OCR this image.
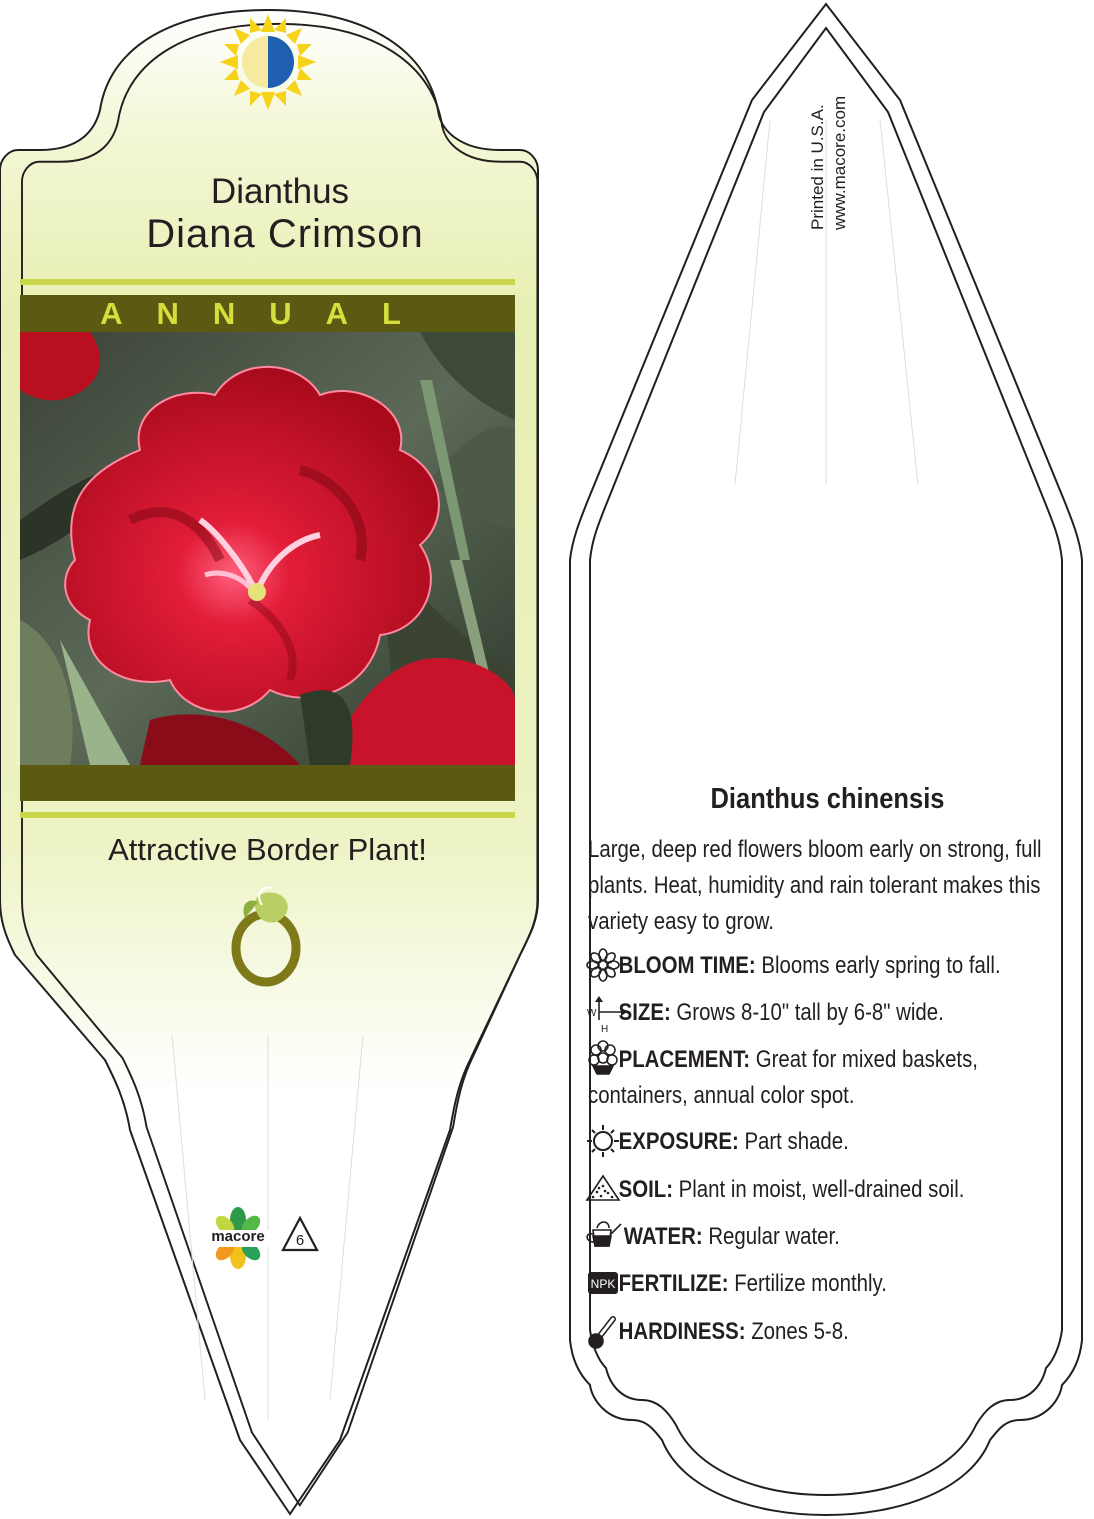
W
H
NPK
Dianthus
Diana Crimson
ANNUAL
Attractive Border Plant!
macore	6
Printed in U.S.A. www.macore.com
Dianthus chinensis
Large, deep red flowers bloom early on strong, full plants. Heat, humidity and rain tolerant makes this variety easy to grow.
BLOOM TIME: Blooms early spring to fall.
SIZE: Grows 8-10" tall by 6-8" wide.
PLACEMENT: Great for mixed baskets,
containers, annual color spot.
EXPOSURE: Part shade.
SOIL: Plant in moist, well-drained soil.
WATER: Regular water.
FERTILIZE: Fertilize monthly.
HARDINESS: Zones 5-8.
